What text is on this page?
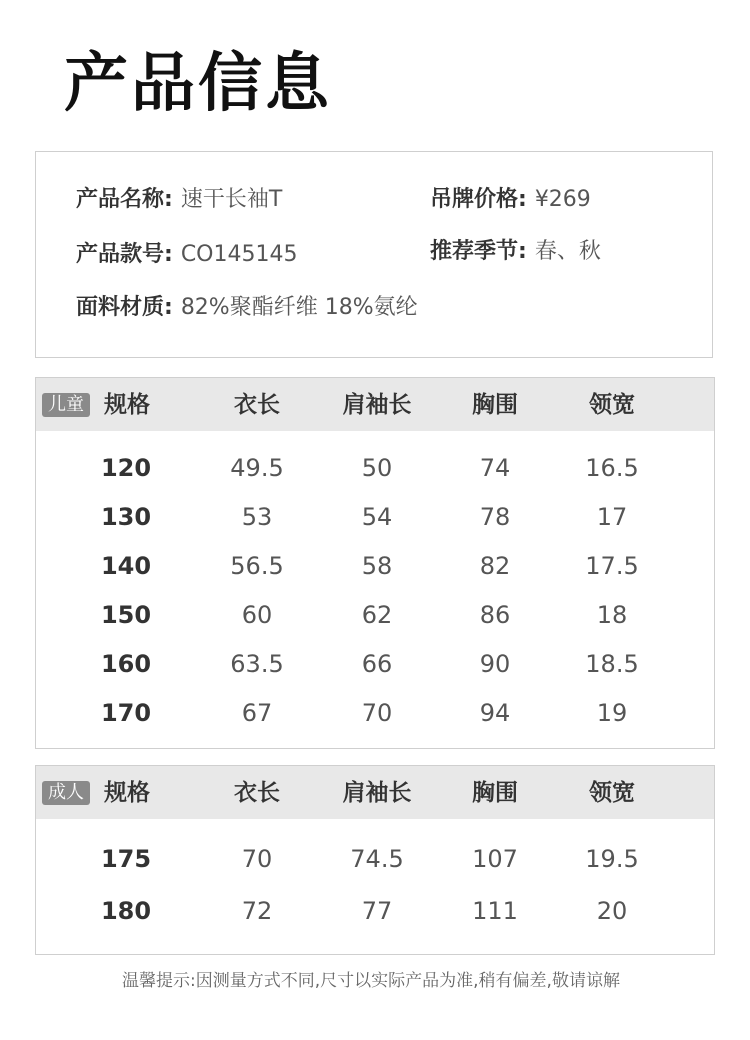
产品信息
产品名称: 速干长袖T	吊牌价格: ¥269
产品款号: CO145145	推荐季节: 春、秋
面料材质: 82%聚酯纤维 18%氨纶
儿童 规格	衣长	肩袖长	胸围	领宽
120	49.5	50	74	16.5
130	53	54	78	17
140	56.5	58	82	17.5
150	60	62	86	18
160	63.5	66	90	18.5
170	67	70	94	19
成人 规格	衣长	肩袖长	胸围	领宽
175	70	74.5	107	19.5
180	72	77	111	20
温馨提示:因测量方式不同,尺寸以实际产品为准,稍有偏差,敬请谅解
